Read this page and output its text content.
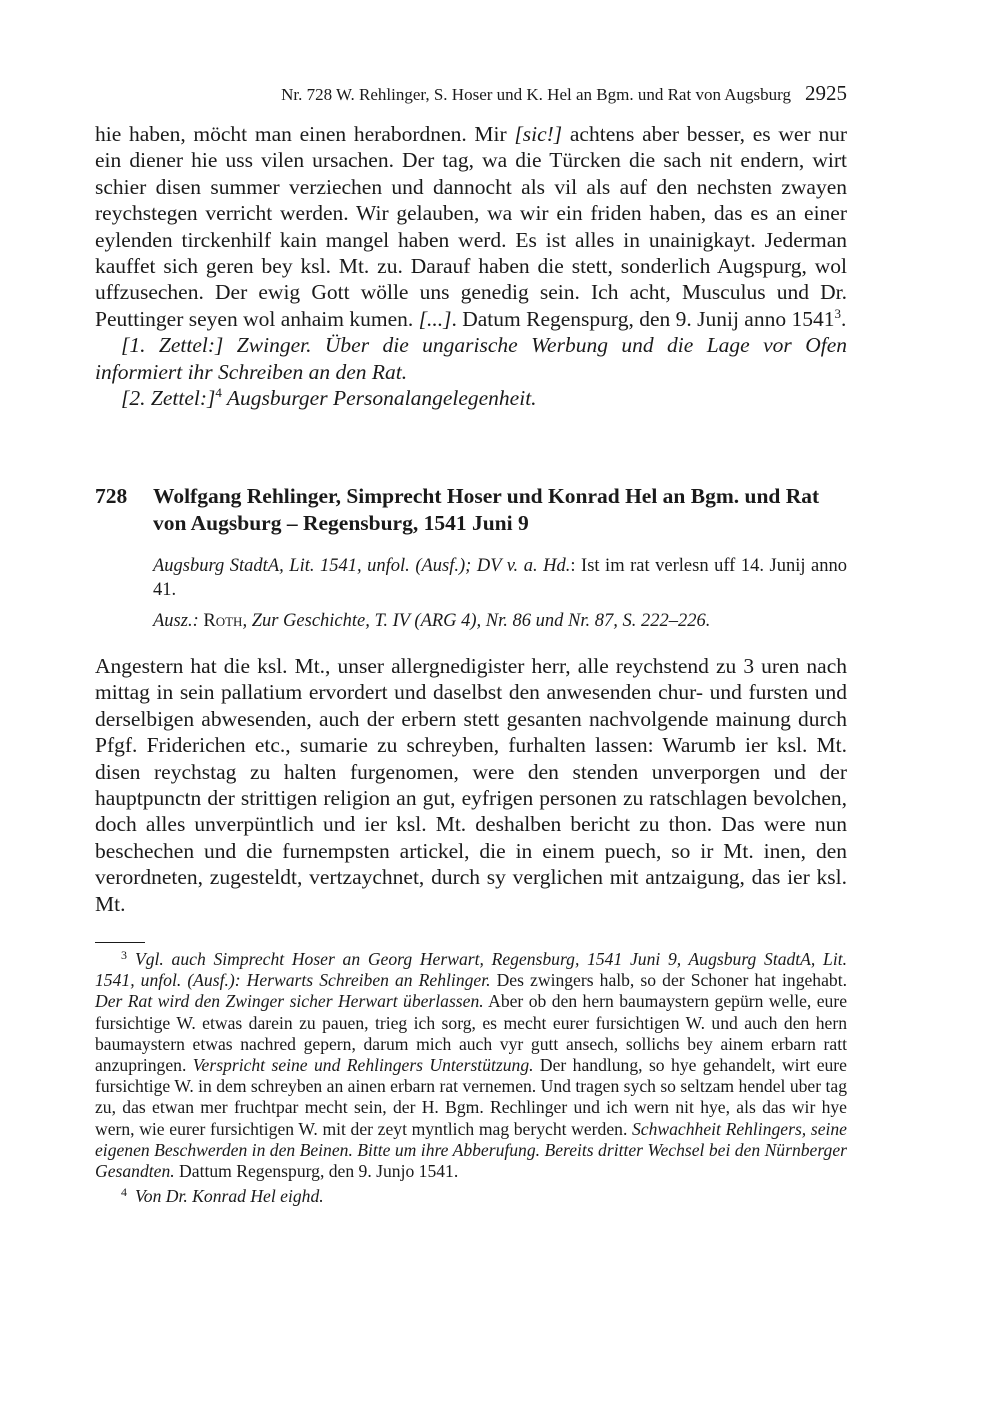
Nr. 728 W. Rehlinger, S. Hoser und K. Hel an Bgm. und Rat von Augsburg 2925

hie haben, möcht man einen herabordnen. Mir [sic!] achtens aber besser, es wer nur ein diener hie uss vilen ursachen. Der tag, wa die Türcken die sach nit endern, wirt schier disen summer verziechen und dannocht als vil als auf den nechsten zwayen reychstegen verricht werden. Wir gelauben, wa wir ein friden haben, das es an einer eylenden tirckenhilf kain mangel haben werd. Es ist alles in unainigkayt. Jederman kauffet sich geren bey ksl. Mt. zu. Darauf haben die stett, sonderlich Augspurg, wol uffzusechen. Der ewig Gott wölle uns genedig sein. Ich acht, Musculus und Dr. Peuttinger seyen wol anhaim kumen. [...]. Datum Regenspurg, den 9. Junij anno 1541$^3$.

[1. Zettel:] Zwinger. Über die ungarische Werbung und die Lage vor Ofen informiert ihr Schreiben an den Rat.

[2. Zettel:]$^4$ Augsburger Personalangelegenheit.

728 Wolfgang Rehlinger, Simprecht Hoser und Konrad Hel an Bgm. und Rat von Augsburg – Regensburg, 1541 Juni 9

Augsburg StadtA, Lit. 1541, unfol. (Ausf.); DV v. a. Hd.: Ist im rat verlesn uff 14. Junij anno 41.

Ausz.: Roth, Zur Geschichte, T. IV (ARG 4), Nr. 86 und Nr. 87, S. 222–226.

Angestern hat die ksl. Mt., unser allergnedigister herr, alle reychstend zu 3 uren nach mittag in sein pallatium ervordert und daselbst den anwesenden chur- und fursten und derselbigen abwesenden, auch der erbern stett gesanten nachvolgende mainung durch Pfgf. Friderichen etc., sumarie zu schreyben, furhalten lassen: Warumb ier ksl. Mt. disen reychstag zu halten furgenomen, were den stenden unverporgen und der hauptpunctn der strittigen religion an gut, eyfrigen personen zu ratschlagen bevolchen, doch alles unverpüntlich und ier ksl. Mt. deshalben bericht zu thon. Das were nun beschechen und die furnempsten artickel, die in einem puech, so ir Mt. inen, den verordneten, zugesteldt, vertzaychnet, durch sy verglichen mit antzaigung, das ier ksl. Mt.

$^3$ Vgl. auch Simprecht Hoser an Georg Herwart, Regensburg, 1541 Juni 9, Augsburg StadtA, Lit. 1541, unfol. (Ausf.): Herwarts Schreiben an Rehlinger. Des zwingers halb, so der Schoner hat ingehabt. Der Rat wird den Zwinger sicher Herwart überlassen. Aber ob den hern baumaystern gepürn welle, eure fursichtige W. etwas darein zu pauen, trieg ich sorg, es mecht eurer fursichtigen W. und auch den hern baumaystern etwas nachred gepern, darum mich auch vyr gutt ansech, sollichs bey ainem erbarn ratt anzupringen. Verspricht seine und Rehlingers Unterstützung. Der handlung, so hye gehandelt, wirt eure fursichtige W. in dem schreyben an ainen erbarn rat vernemen. Und tragen sych so seltzam hendel uber tag zu, das etwan mer fruchtpar mecht sein, der H. Bgm. Rechlinger und ich wern nit hye, als das wir hye wern, wie eurer fursichtigen W. mit der zeyt myntlich mag berycht werden. Schwachheit Rehlingers, seine eigenen Beschwerden in den Beinen. Bitte um ihre Abberufung. Bereits dritter Wechsel bei den Nürnberger Gesandten. Dattum Regenspurg, den 9. Junjo 1541.

$^4$ Von Dr. Konrad Hel eighd.
